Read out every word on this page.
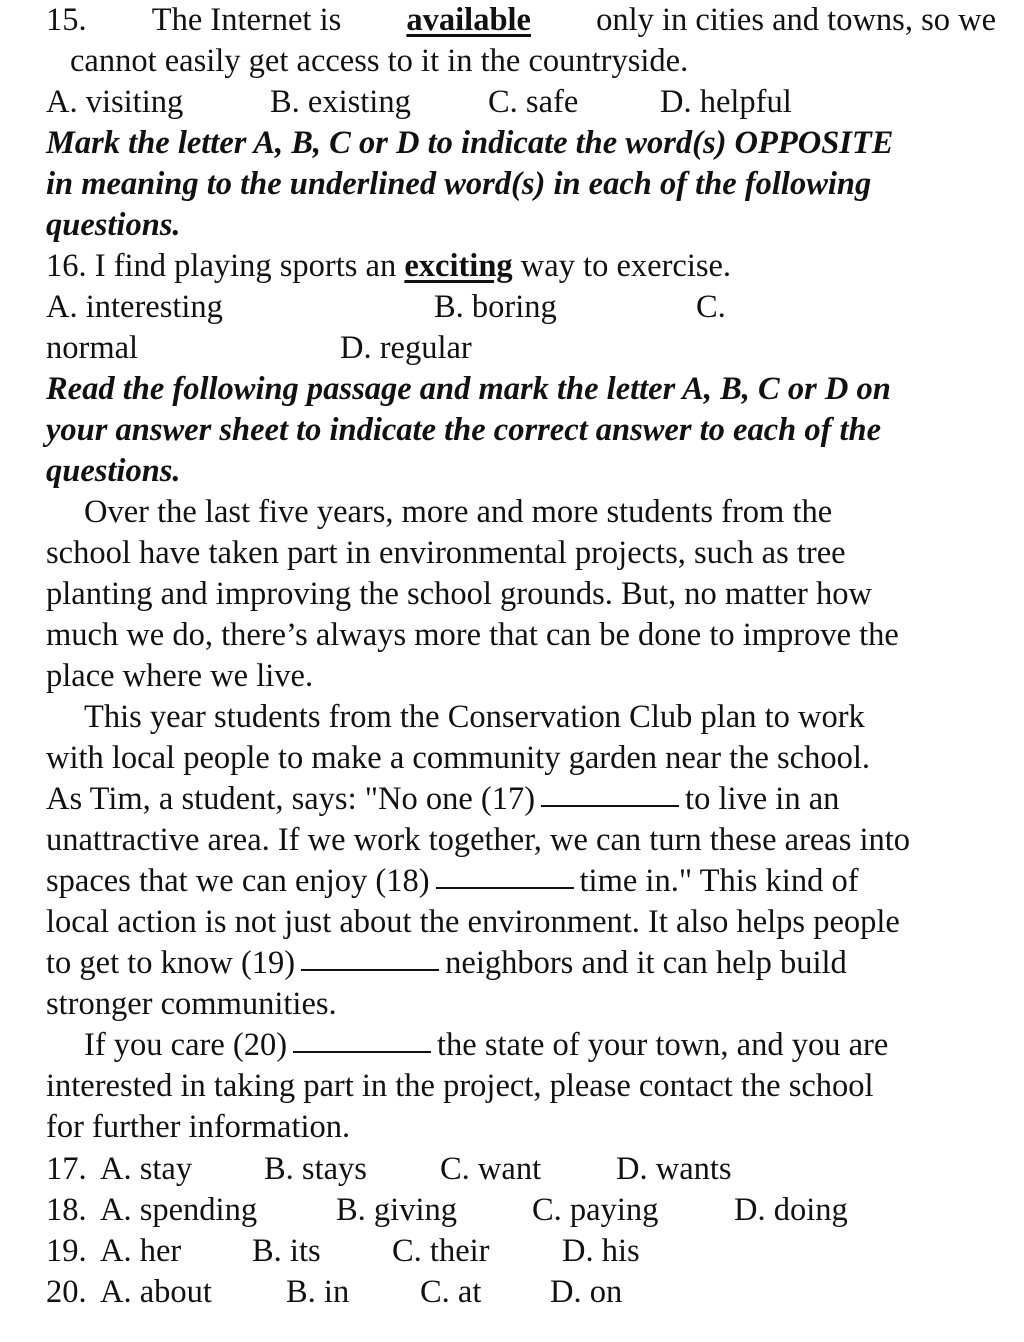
15. The Internet is available only in cities and towns, so we
cannot easily get access to it in the countryside.
A. visiting	B. existing C. safe	D. helpful
Mark the letter A, B, C or D to indicate the word(s) OPPOSITE
in meaning to the underlined word(s) in each of the following
questions.
16. I find playing sports an exciting way to exercise.
A. interesting	B. boring	C.
normal	D. regular
Read the following passage and mark the letter A, B, C or D on
your answer sheet to indicate the correct answer to each of the
questions.
Over the last five years, more and more students from the
school have taken part in environmental projects, such as tree
planting and improving the school grounds. But, no matter how
much we do, there’s always more that can be done to improve the
place where we live.
This year students from the Conservation Club plan to work
with local people to make a community garden near the school.
As Tim, a student, says: "No one (17)	to live in an
unattractive area. If we work together, we can turn these areas into
spaces that we can enjoy (18)	time in." This kind of
local action is not just about the environment. It also helps people
to get to know (19)	neighbors and it can help build
stronger communities.
If you care (20)	the state of your town, and you are
interested in taking part in the project, please contact the school
for further information.
17. A. stay B. stays C. want D. wants
18. A. spending B. giving C. paying D. doing
19. A. her B. its C. their D. his
20. A. about B. in C. at D. on
